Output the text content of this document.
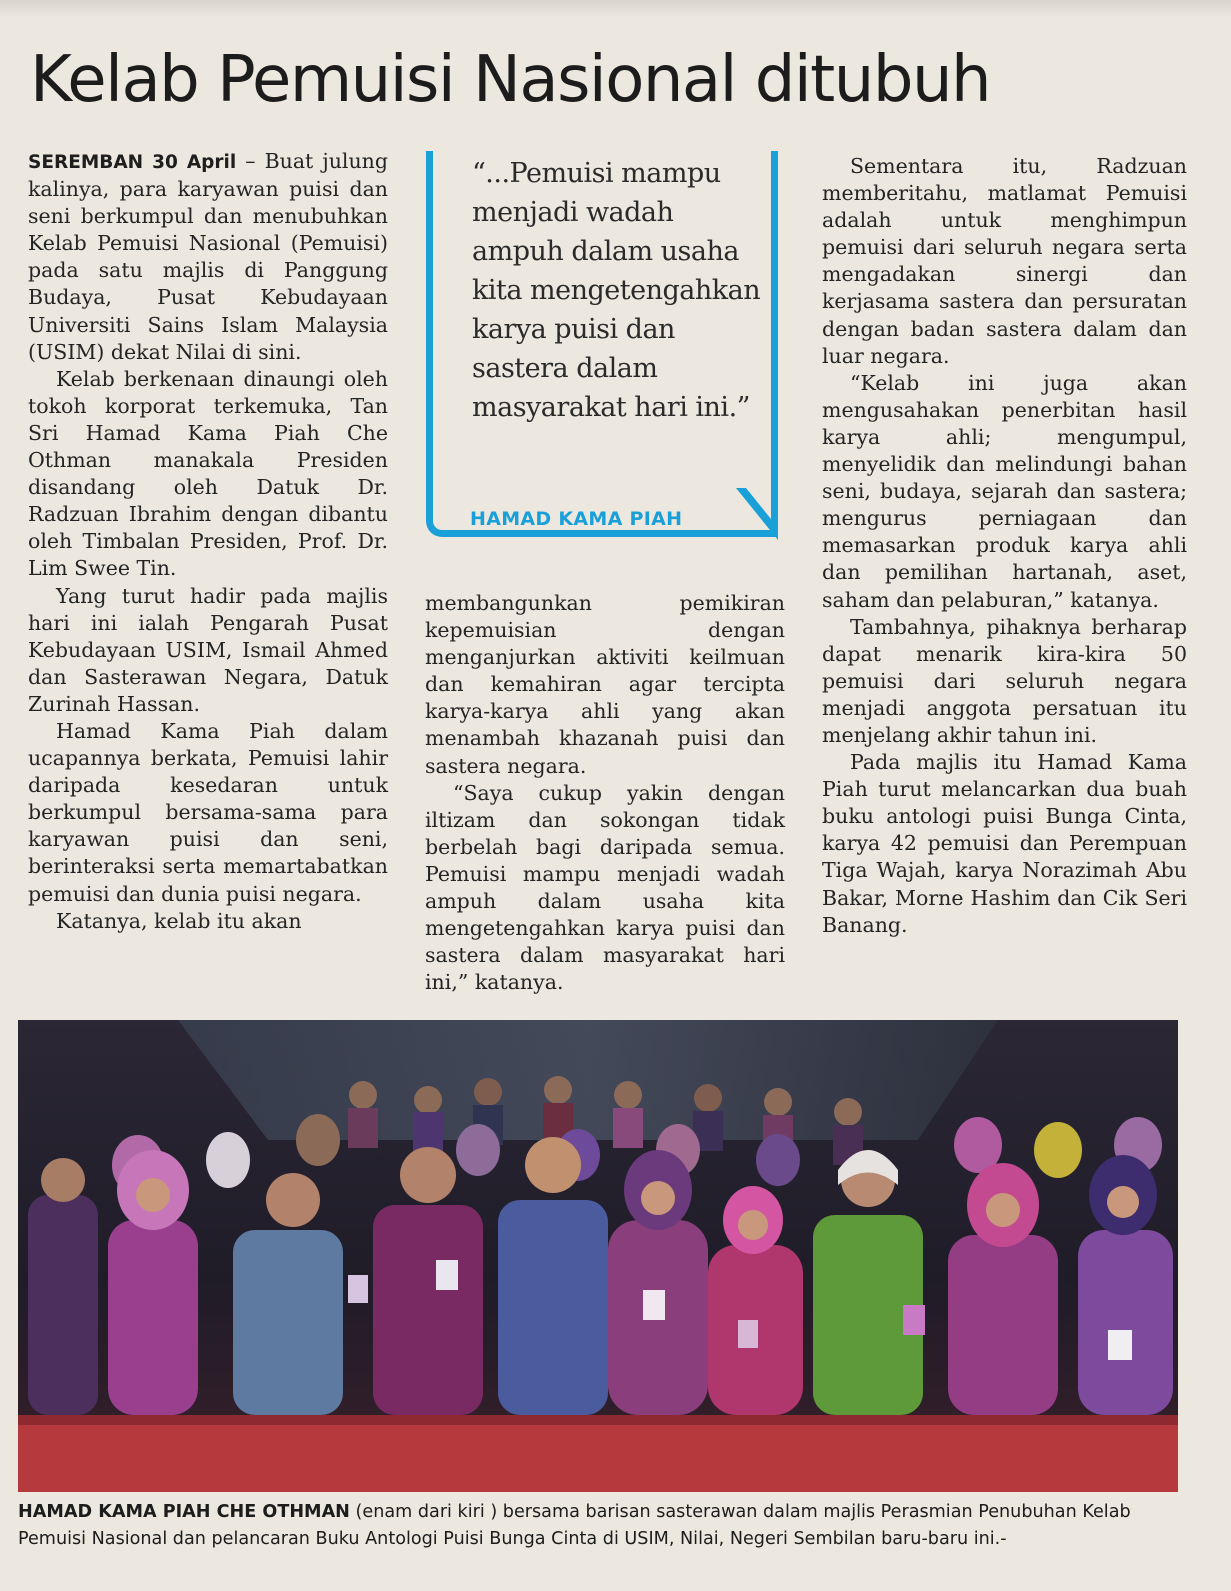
Kelab Pemuisi Nasional ditubuh

SEREMBAN 30 April – Buat julung kalinya, para karyawan puisi dan seni berkumpul dan menubuhkan Kelab Pemuisi Nasional (Pemuisi) pada satu majlis di Panggung Budaya, Pusat Kebudayaan Universiti Sains Islam Malaysia (USIM) dekat Nilai di sini.

Kelab berkenaan dinaungi oleh tokoh korporat terkemuka, Tan Sri Hamad Kama Piah Che Othman manakala Presiden disandang oleh Datuk Dr. Radzuan Ibrahim dengan dibantu oleh Timbalan Presiden, Prof. Dr. Lim Swee Tin.

Yang turut hadir pada majlis hari ini ialah Pengarah Pusat Kebudayaan USIM, Ismail Ahmed dan Sasterawan Negara, Datuk Zurinah Hassan.

Hamad Kama Piah dalam ucapannya berkata, Pemuisi lahir daripada kesedaran untuk berkumpul bersama-sama para karyawan puisi dan seni, berinteraksi serta memartabatkan pemuisi dan dunia puisi negara.

Katanya, kelab itu akan

“...Pemuisi mampu menjadi wadah ampuh dalam usaha kita mengetengahkan karya puisi dan sastera dalam masyarakat hari ini.”
HAMAD KAMA PIAH

membangunkan pemikiran kepemuisian dengan menganjurkan aktiviti keilmuan dan kemahiran agar tercipta karya-karya ahli yang akan menambah khazanah puisi dan sastera negara.

“Saya cukup yakin dengan iltizam dan sokongan tidak berbelah bagi daripada semua. Pemuisi mampu menjadi wadah ampuh dalam usaha kita mengetengahkan karya puisi dan sastera dalam masyarakat hari ini,” katanya.

Sementara itu, Radzuan memberitahu, matlamat Pemuisi adalah untuk menghimpun pemuisi dari seluruh negara serta mengadakan sinergi dan kerjasama sastera dan persuratan dengan badan sastera dalam dan luar negara.

“Kelab ini juga akan mengusahakan penerbitan hasil karya ahli; mengumpul, menyelidik dan melindungi bahan seni, budaya, sejarah dan sastera; mengurus perniagaan dan memasarkan produk karya ahli dan pemilihan hartanah, aset, saham dan pelaburan,” katanya.

Tambahnya, pihaknya berharap dapat menarik kira-kira 50 pemuisi dari seluruh negara menjadi anggota persatuan itu menjelang akhir tahun ini.

Pada majlis itu Hamad Kama Piah turut melancarkan dua buah buku antologi puisi Bunga Cinta, karya 42 pemuisi dan Perempuan Tiga Wajah, karya Norazimah Abu Bakar, Morne Hashim dan Cik Seri Banang.

HAMAD KAMA PIAH CHE OTHMAN (enam dari kiri ) bersama barisan sasterawan dalam majlis Perasmian Penubuhan Kelab Pemuisi Nasional dan pelancaran Buku Antologi Puisi Bunga Cinta di USIM, Nilai, Negeri Sembilan baru-baru ini.-
